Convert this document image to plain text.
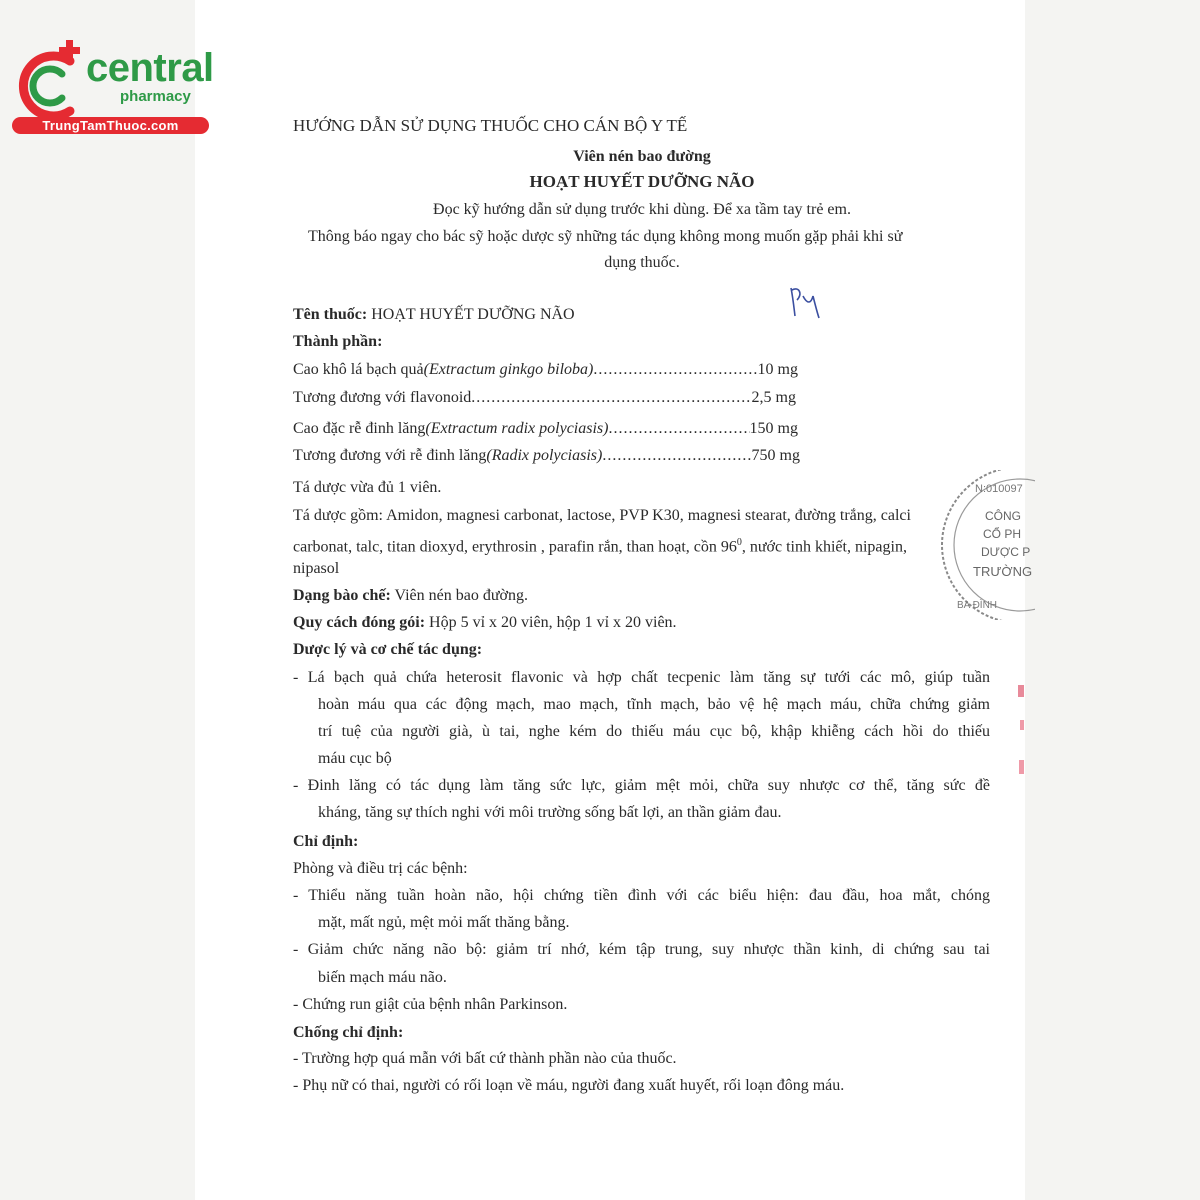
central
pharmacy
TrungTamThuoc.com	HƯỚNG DẪN SỬ DỤNG THUỐC CHO CÁN BỘ Y TẾ
Viên nén bao đường
HOẠT HUYẾT DƯỠNG NÃO
Đọc kỹ hướng dẫn sử dụng trước khi dùng. Để xa tầm tay trẻ em.
Thông báo ngay cho bác sỹ hoặc dược sỹ những tác dụng không mong muốn gặp phải khi sử
dụng thuốc.
Tên thuốc: HOẠT HUYẾT DƯỠNG NÃO
Thành phần:
Cao khô lá bạch quả (Extractum ginkgo biloba) .....	10 mg
Tương đương với flavonoid .....	2,5 mg
Cao đặc rễ đinh lăng (Extractum radix polyciasis) .....	150 mg
Tương đương với rễ đinh lăng (Radix polyciasis) .....	750 mg
Tá dược vừa đủ 1 viên.
Tá dược gồm: Amidon, magnesi carbonat, lactose, PVP K30, magnesi stearat, đường trắng, calci
carbonat, talc, titan dioxyd, erythrosin , parafin rắn, than hoạt, cồn $96^0$, nước tinh khiết, nipagin,
nipasol
Dạng bào chế: Viên nén bao đường.
Quy cách đóng gói: Hộp 5 vỉ x 20 viên, hộp 1 vỉ x 20 viên.
Dược lý và cơ chế tác dụng:
- Lá bạch quả chứa heterosit flavonic và hợp chất tecpenic làm tăng sự tưới các mô, giúp tuần
hoàn máu qua các động mạch, mao mạch, tĩnh mạch, bảo vệ hệ mạch máu, chữa chứng giảm
trí tuệ của người già, ù tai, nghe kém do thiếu máu cục bộ, khập khiễng cách hồi do thiếu
máu cục bộ
- Đinh lăng có tác dụng làm tăng sức lực, giảm mệt mỏi, chữa suy nhược cơ thể, tăng sức đề
kháng, tăng sự thích nghi với môi trường sống bất lợi, an thần giảm đau.
Chỉ định:
Phòng và điều trị các bệnh:
- Thiểu năng tuần hoàn não, hội chứng tiền đình với các biểu hiện: đau đầu, hoa mắt, chóng
mặt, mất ngủ, mệt mỏi mất thăng bằng.
- Giảm chức năng não bộ: giảm trí nhớ, kém tập trung, suy nhược thần kinh, di chứng sau tai
biến mạch máu não.
- Chứng run giật của bệnh nhân Parkinson.
Chống chỉ định:
- Trường hợp quá mẫn với bất cứ thành phần nào của thuốc.
- Phụ nữ có thai, người có rối loạn về máu, người đang xuất huyết, rối loạn đông máu.
N:010097
CÔNG
CỔ PH
DƯỢC P
TRƯỜNG
BA ĐÌNH
